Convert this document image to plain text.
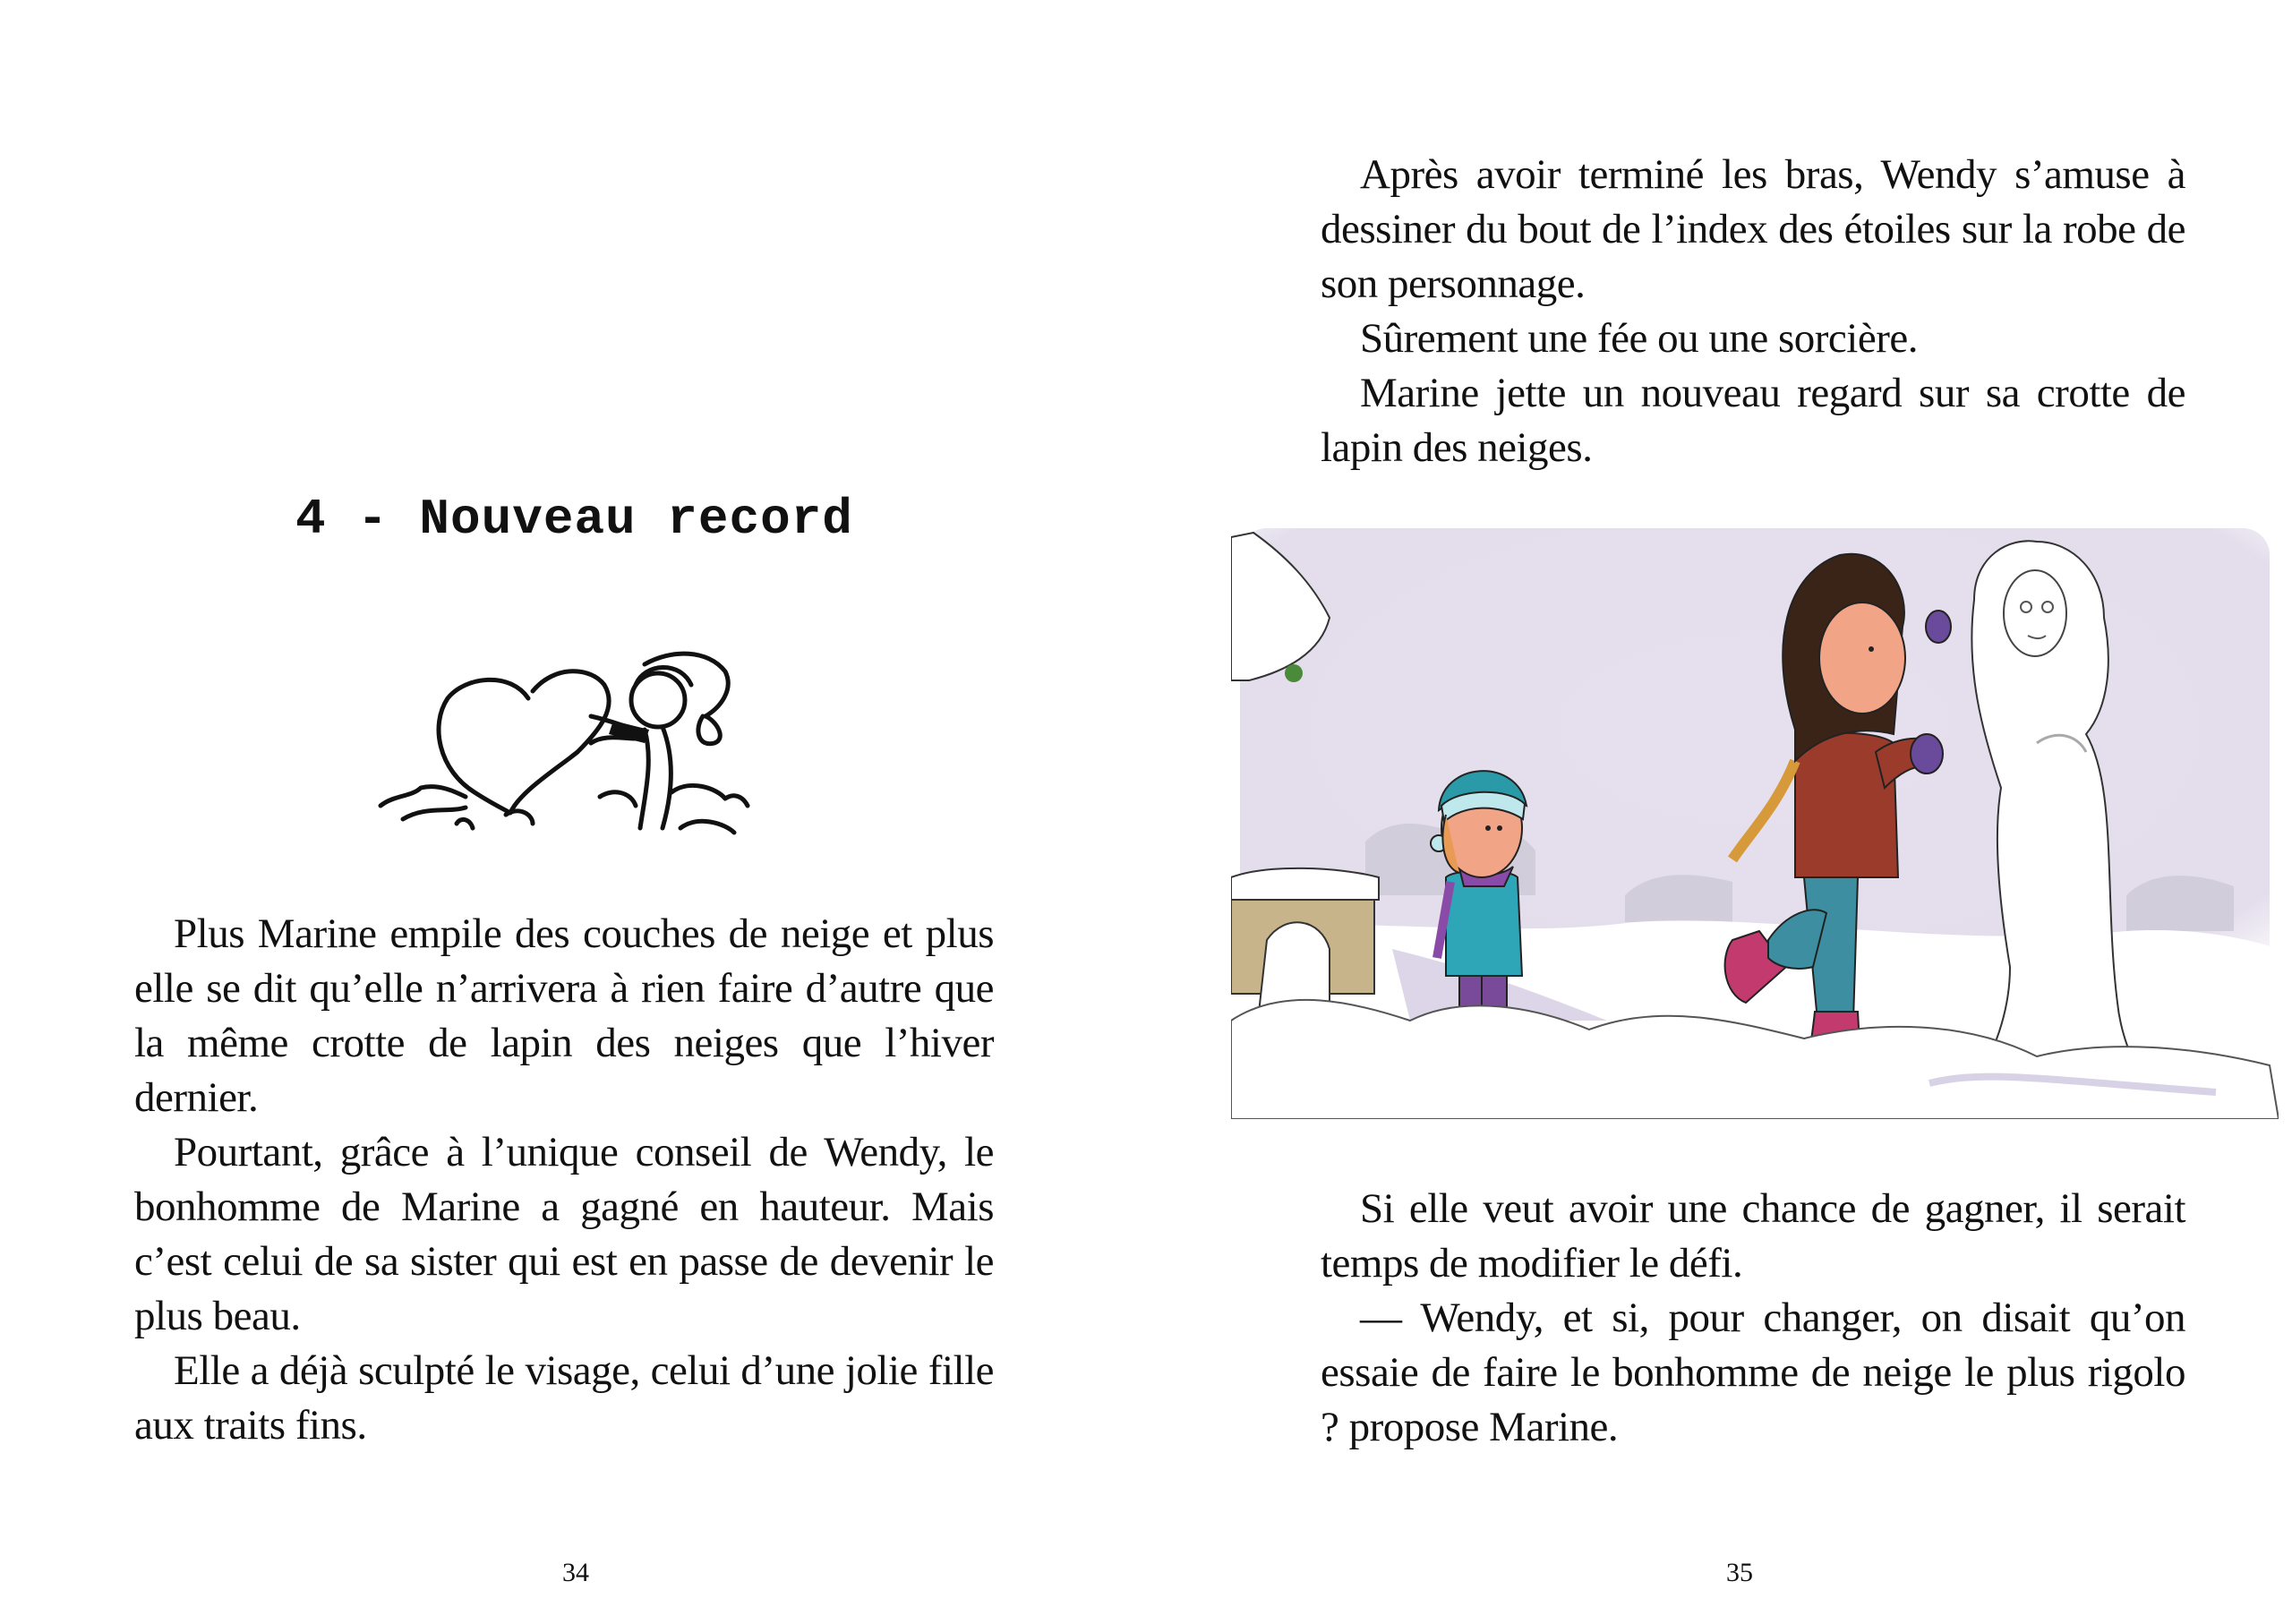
4 - Nouveau record

Plus Marine empile des couches de neige et plus elle se dit qu’elle n’arrivera à rien faire d’autre que la même crotte de lapin des neiges que l’hiver dernier.

Pourtant, grâce à l’unique conseil de Wendy, le bonhomme de Marine a gagné en hauteur. Mais c’est celui de sa sister qui est en passe de devenir le plus beau.

Elle a déjà sculpté le visage, celui d’une jolie fille aux traits fins.

34

Après avoir terminé les bras, Wendy s’amuse à dessiner du bout de l’index des étoiles sur la robe de son personnage.

Sûrement une fée ou une sorcière.

Marine jette un nouveau regard sur sa crotte de lapin des neiges.

Si elle veut avoir une chance de gagner, il serait temps de modifier le défi.

— Wendy, et si, pour changer, on disait qu’on essaie de faire le bonhomme de neige le plus rigolo ? propose Marine.

35
